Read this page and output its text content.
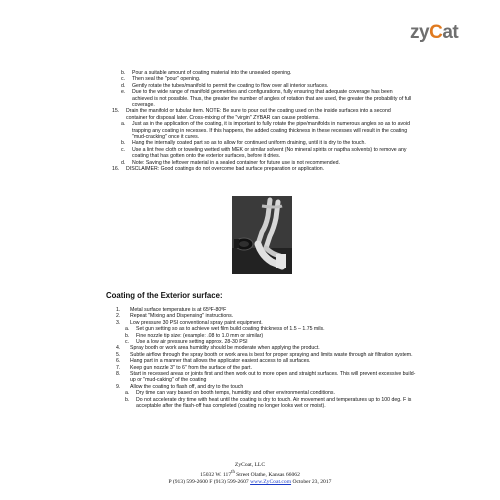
zyCat
b.	Pour a suitable amount of coating material into the unsealed opening.
c.	Then seal the "pour" opening.
d.	Gently rotate the tubes/manifold to permit the coating to flow over all interior surfaces.
e.	Due to the wide range of manifold geometries and configurations, fully ensuring that adequate coverage has been achieved is not possible. Thus, the greater the number of angles of rotation that are used, the greater the probability of full coverage.
15.	Drain the manifold or tubular item. NOTE: Be sure to pour out the coating used on the inside surfaces into a second container for disposal later. Cross-mixing of the "virgin" ZYBAR can cause problems.
a.	Just as in the application of the coating, it is important to fully rotate the pipe/manifolds in numerous angles so as to avoid trapping any coating in recesses. If this happens, the added coating thickness in these recesses will result in the coating "mud-cracking" once it cures.
b.	Hang the internally coated part so as to allow for continued uniform draining, until it is dry to the touch.
c.	Use a lint free cloth or toweling wetted with MEK or similar solvent (No mineral spirits or naptha solvents) to remove any coating that has gotten onto the exterior surfaces, before it dries.
d.	Note: Saving the leftover material in a sealed container for future use is not recommended.
16.	DISCLAIMER: Good coatings do not overcome bad surface preparation or application.
Coating of the Exterior surface:
1.	Metal surface temperature is at 65ºF-80ºF
2.	Repeat "Mixing and Dispensing" instructions.
3.	Low pressure 30 PSI conventional spray paint equipment.
a.	Set gun setting so as to achieve wet film build coating thickness of 1.5 – 1.75 mils.
b.	Fine nozzle tip size: (example: .08 to 1.0 mm or similar)
c.	Use a low air pressure setting approx. 28-30 PSI
4.	Spray booth or work area humidity should be moderate when applying the product.
5.	Subtle airflow through the spray booth or work area is best for proper spraying and limits waste through air filtration system.
6.	Hang part in a manner that allows the applicator easiest access to all surfaces.
7.	Keep gun nozzle 3" to 6" from the surface of the part.
8.	Start in recessed areas or joints first and then work out to more open and straight surfaces. This will prevent excessive build-up or "mud-caking" of the coating
9.	Allow the coating to flash off, and dry to the touch
a.	Dry time can vary based on booth temps, humidity and other environmental conditions.
b.	Do not accelerate dry time with heat until the coating is dry to touch. Air movement and temperatures up to 100 deg. F is acceptable after the flash-off has completed (coating no longer looks wet or moist).
ZyCoat, LLC
15032 W. 117th Street Olathe, Kansas 66062
P (913) 599-2600 F (913) 599-2607 www.ZyCoat.com October 23, 2017
